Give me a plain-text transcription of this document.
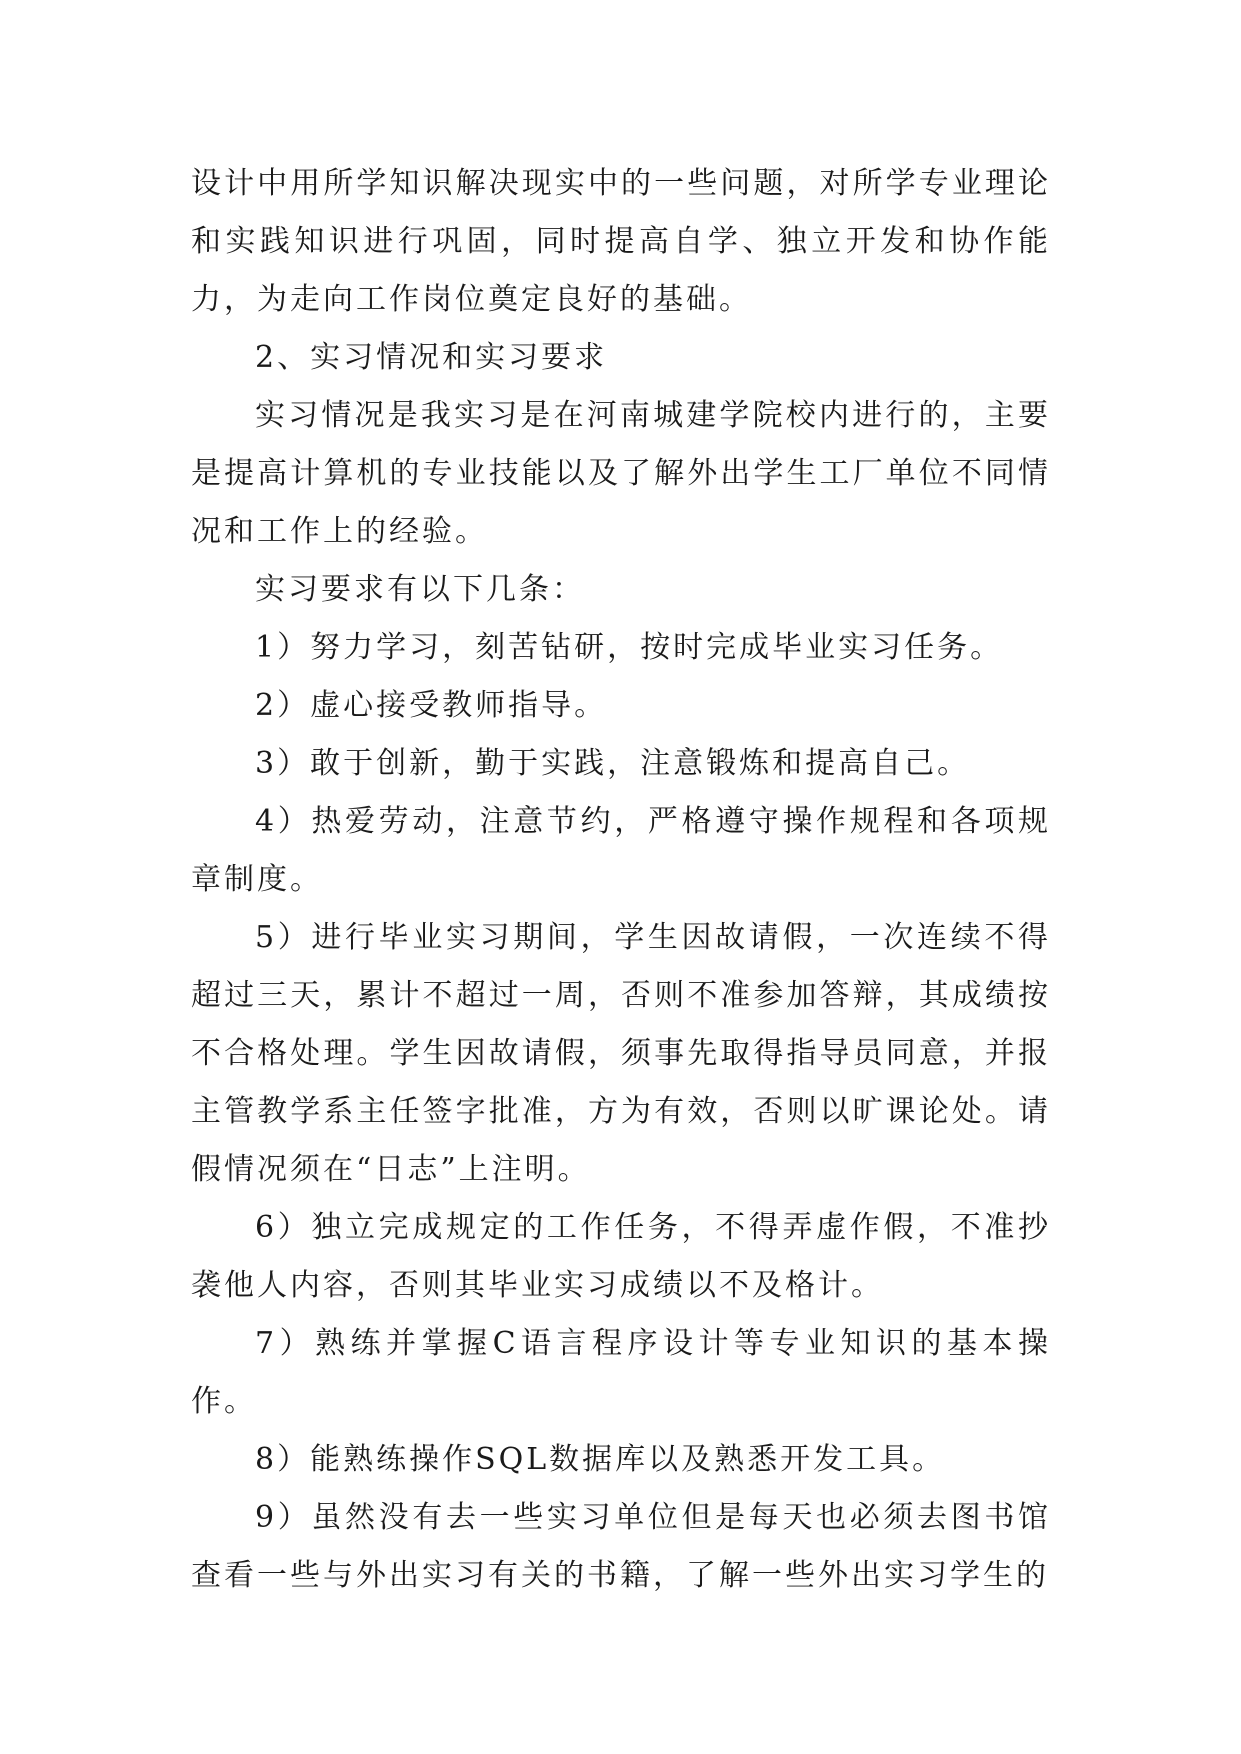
设计中用所学知识解决现实中的一些问题，对所学专业理论和实践知识进行巩固，同时提高自学、独立开发和协作能力，为走向工作岗位奠定良好的基础。

2、实习情况和实习要求

实习情况是我实习是在河南城建学院校内进行的，主要是提高计算机的专业技能以及了解外出学生工厂单位不同情况和工作上的经验。

实习要求有以下几条：

1）努力学习，刻苦钻研，按时完成毕业实习任务。

2）虚心接受教师指导。

3）敢于创新，勤于实践，注意锻炼和提高自己。

4）热爱劳动，注意节约，严格遵守操作规程和各项规章制度。

5）进行毕业实习期间，学生因故请假，一次连续不得超过三天，累计不超过一周，否则不准参加答辩，其成绩按不合格处理。学生因故请假，须事先取得指导员同意，并报主管教学系主任签字批准，方为有效，否则以旷课论处。请假情况须在“日志”上注明。

6）独立完成规定的工作任务，不得弄虚作假，不准抄袭他人内容，否则其毕业实习成绩以不及格计。

7）熟练并掌握C语言程序设计等专业知识的基本操作。

8）能熟练操作SQL数据库以及熟悉开发工具。

9）虽然没有去一些实习单位但是每天也必须去图书馆查看一些与外出实习有关的书籍，了解一些外出实习学生的
